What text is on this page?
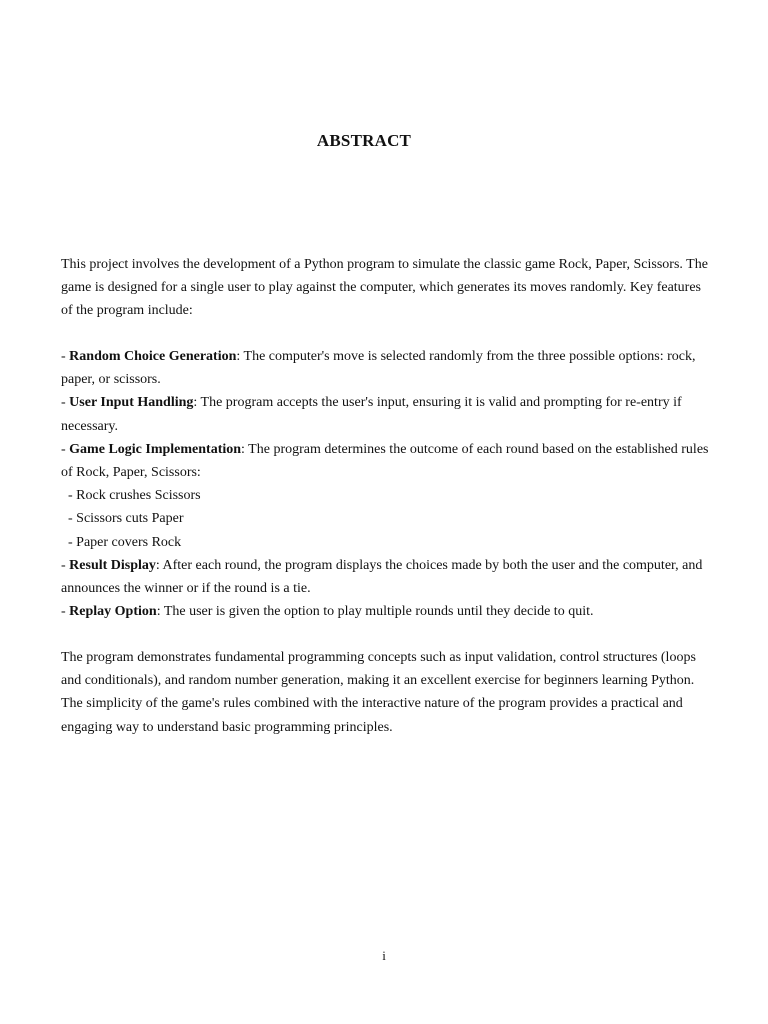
ABSTRACT
This project involves the development of a Python program to simulate the classic game Rock, Paper, Scissors. The
game is designed for a single user to play against the computer, which generates its moves randomly. Key features
of the program include:
- Random Choice Generation: The computer's move is selected randomly from the three possible options: rock,
paper, or scissors.
- User Input Handling: The program accepts the user's input, ensuring it is valid and prompting for re-entry if
necessary.
- Game Logic Implementation: The program determines the outcome of each round based on the established rules
of Rock, Paper, Scissors:
- Rock crushes Scissors
- Scissors cuts Paper
- Paper covers Rock
- Result Display: After each round, the program displays the choices made by both the user and the computer, and
announces the winner or if the round is a tie.
- Replay Option: The user is given the option to play multiple rounds until they decide to quit.
The program demonstrates fundamental programming concepts such as input validation, control structures (loops
and conditionals), and random number generation, making it an excellent exercise for beginners learning Python.
The simplicity of the game's rules combined with the interactive nature of the program provides a practical and
engaging way to understand basic programming principles.
i
